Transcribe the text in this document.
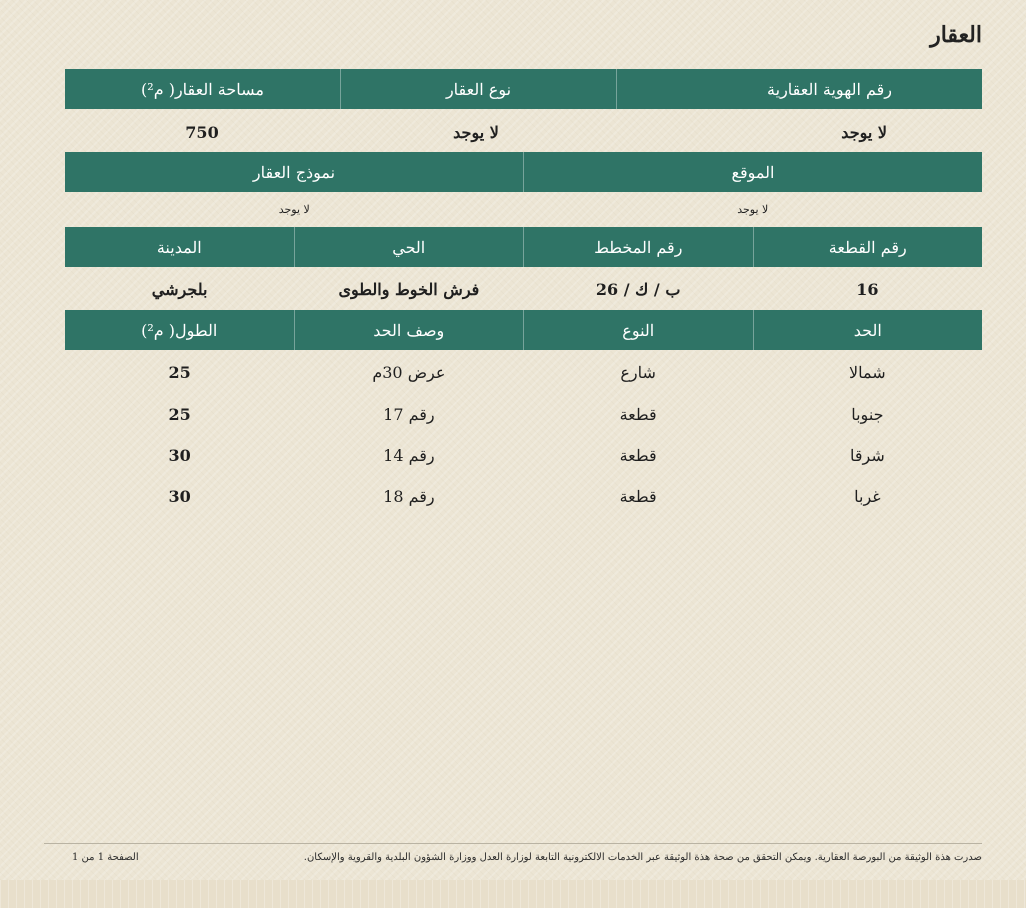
العقار
رقم الهوية العقارية
نوع العقار
مساحة العقار( م²)
لا يوجد
لا يوجد
750
الموقع
نموذج العقار
لا يوجد
لا يوجد
رقم القطعة
رقم المخطط
الحي
المدينة
16
ب / ك / 26
فرش الخوط والطوى
بلجرشي
الحد
النوع
وصف الحد
الطول( م²)
شمالا
شارع
عرض 30م
25
جنوبا
قطعة
رقم 17
25
شرقا
قطعة
رقم 14
30
غربا
قطعة
رقم 18
30
صدرت هذة الوثيقة من البورصة العقارية. ويمكن التحقق من صحة هذة الوثيقة عبر الخدمات الالكترونية التابعة لوزارة العدل ووزارة الشؤون البلدية والقروية والإسكان.
الصفحة 1 من 1
